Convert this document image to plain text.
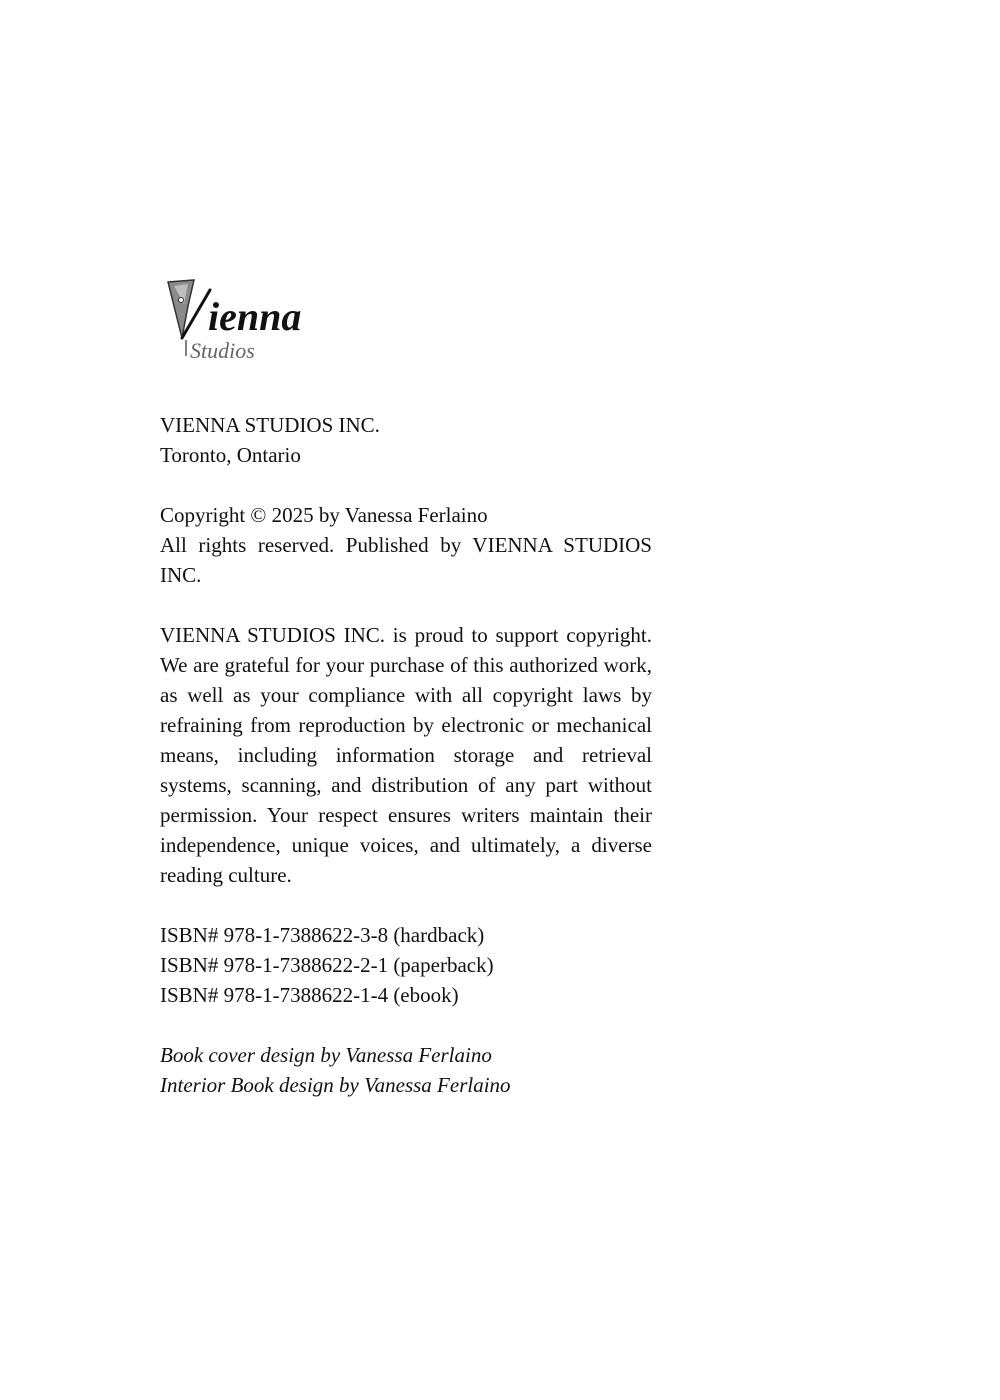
ienna
Studios
VIENNA STUDIOS INC.
Toronto, Ontario
Copyright © 2025 by Vanessa Ferlaino
All rights reserved. Published by VIENNA STUDIOS INC.
VIENNA STUDIOS INC. is proud to support copyright. We are grateful for your purchase of this authorized work, as well as your compliance with all copyright laws by refraining from reproduction by electronic or mechanical means, including information storage and retrieval systems, scanning, and distribution of any part without permission. Your respect ensures writers maintain their independence, unique voices, and ultimately, a diverse reading culture.
ISBN# 978-1-7388622-3-8 (hardback)
ISBN# 978-1-7388622-2-1 (paperback)
ISBN# 978-1-7388622-1-4 (ebook)
Book cover design by Vanessa Ferlaino
Interior Book design by Vanessa Ferlaino
